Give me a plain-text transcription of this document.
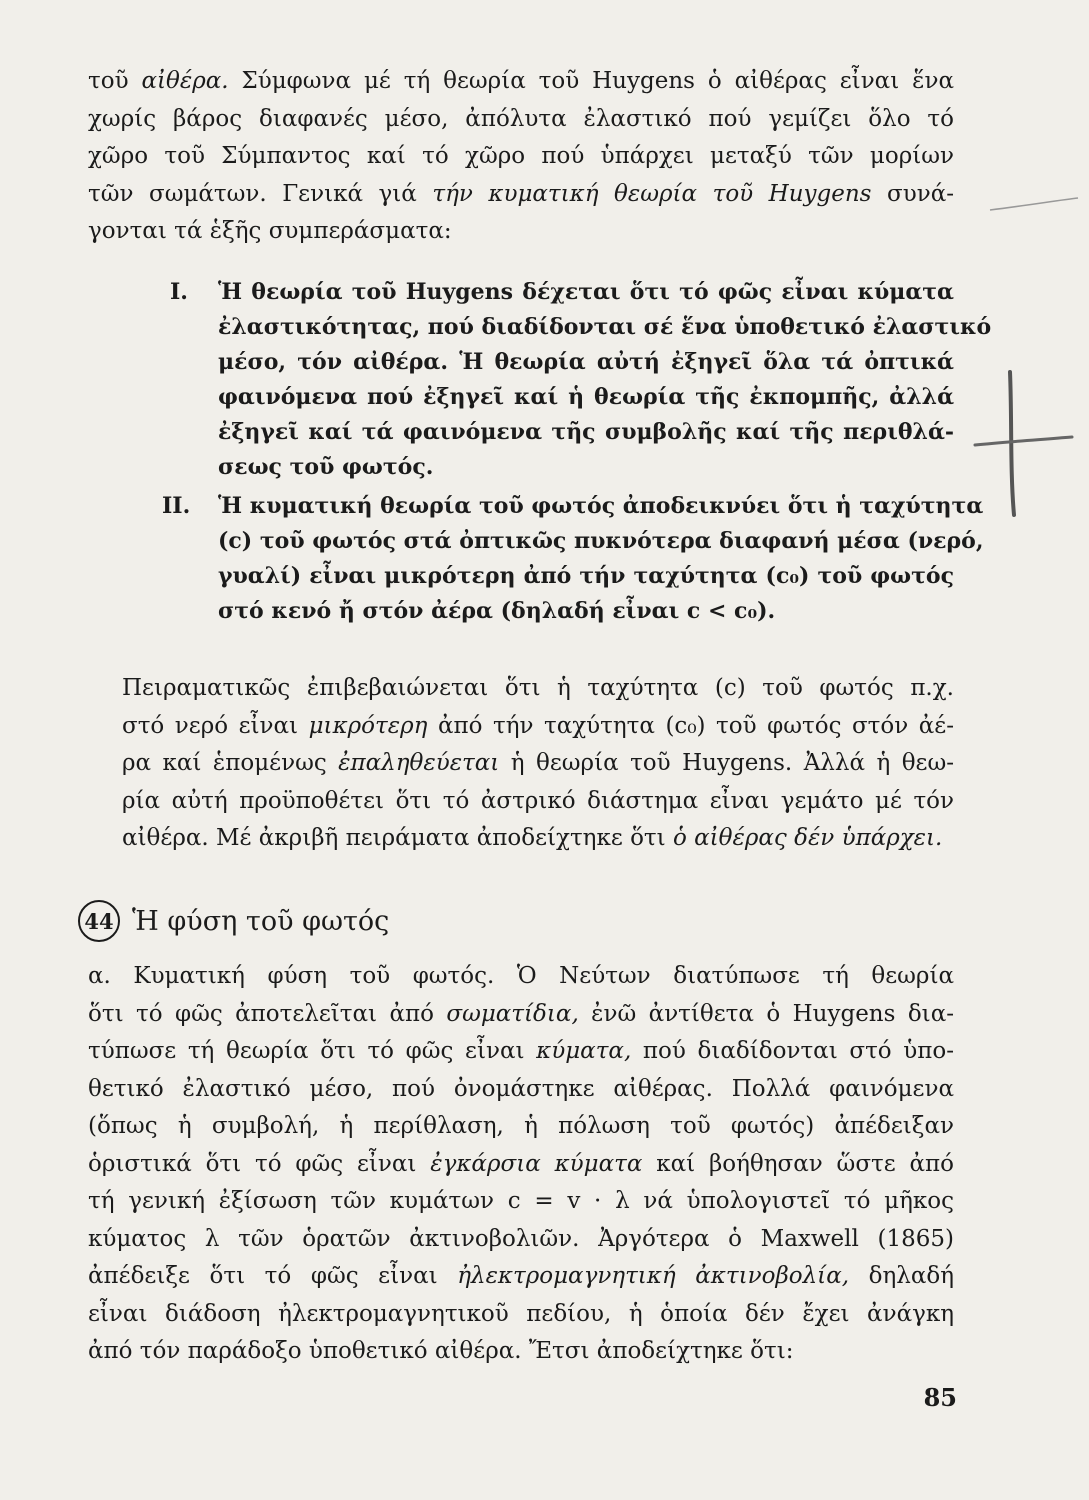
τοῦ αἰθέρα. Σύμφωνα μέ τή θεωρία τοῦ Huygens ὁ αἰθέρας εἶναι ἕνα
χωρίς βάρος διαφανές μέσο, ἀπόλυτα ἐλαστικό πού γεμίζει ὅλο τό
χῶρο τοῦ Σύμπαντος καί τό χῶρο πού ὑπάρχει μεταξύ τῶν μορίων
τῶν σωμάτων. Γενικά γιά τήν κυματική θεωρία τοῦ Huygens συνά-
γονται τά ἑξῆς συμπεράσματα:

I. Ἡ θεωρία τοῦ Huygens δέχεται ὅτι τό φῶς εἶναι κύματα
ἐλαστικότητας, πού διαδίδονται σέ ἕνα ὑποθετικό ἐλαστικό
μέσο, τόν αἰθέρα. Ἡ θεωρία αὐτή ἐξηγεῖ ὅλα τά ὀπτικά
φαινόμενα πού ἐξηγεῖ καί ἡ θεωρία τῆς ἐκπομπῆς, ἀλλά
ἐξηγεῖ καί τά φαινόμενα τῆς συμβολῆς καί τῆς περιθλά-
σεως τοῦ φωτός.
II. Ἡ κυματική θεωρία τοῦ φωτός ἀποδεικνύει ὅτι ἡ ταχύτητα
(c) τοῦ φωτός στά ὀπτικῶς πυκνότερα διαφανή μέσα (νερό,
γυαλί) εἶναι μικρότερη ἀπό τήν ταχύτητα (c₀) τοῦ φωτός
στό κενό ἤ στόν ἀέρα (δηλαδή εἶναι c < c₀).

Πειραματικῶς ἐπιβεβαιώνεται ὅτι ἡ ταχύτητα (c) τοῦ φωτός π.χ.
στό νερό εἶναι μικρότερη ἀπό τήν ταχύτητα (c₀) τοῦ φωτός στόν ἀέ-
ρα καί ἑπομένως ἐπαληθεύεται ἡ θεωρία τοῦ Huygens. Ἀλλά ἡ θεω-
ρία αὐτή προϋποθέτει ὅτι τό ἀστρικό διάστημα εἶναι γεμάτο μέ τόν
αἰθέρα. Μέ ἀκριβῆ πειράματα ἀποδείχτηκε ὅτι ὁ αἰθέρας δέν ὑπάρχει.

44 Ἡ φύση τοῦ φωτός

α. Κυματική φύση τοῦ φωτός. Ὁ Νεύτων διατύπωσε τή θεωρία
ὅτι τό φῶς ἀποτελεῖται ἀπό σωματίδια, ἐνῶ ἀντίθετα ὁ Huygens δια-
τύπωσε τή θεωρία ὅτι τό φῶς εἶναι κύματα, πού διαδίδονται στό ὑπο-
θετικό ἐλαστικό μέσο, πού ὀνομάστηκε αἰθέρας. Πολλά φαινόμενα
(ὅπως ἡ συμβολή, ἡ περίθλαση, ἡ πόλωση τοῦ φωτός) ἀπέδειξαν
ὁριστικά ὅτι τό φῶς εἶναι ἐγκάρσια κύματα καί βοήθησαν ὥστε ἀπό
τή γενική ἐξίσωση τῶν κυμάτων c = v · λ νά ὑπολογιστεῖ τό μῆκος
κύματος λ τῶν ὁρατῶν ἀκτινοβολιῶν. Ἀργότερα ὁ Maxwell (1865)
ἀπέδειξε ὅτι τό φῶς εἶναι ἠλεκτρομαγνητική ἀκτινοβολία, δηλαδή
εἶναι διάδοση ἠλεκτρομαγνητικοῦ πεδίου, ἡ ὁποία δέν ἔχει ἀνάγκη
ἀπό τόν παράδοξο ὑποθετικό αἰθέρα. Ἔτσι ἀποδείχτηκε ὅτι:

85
